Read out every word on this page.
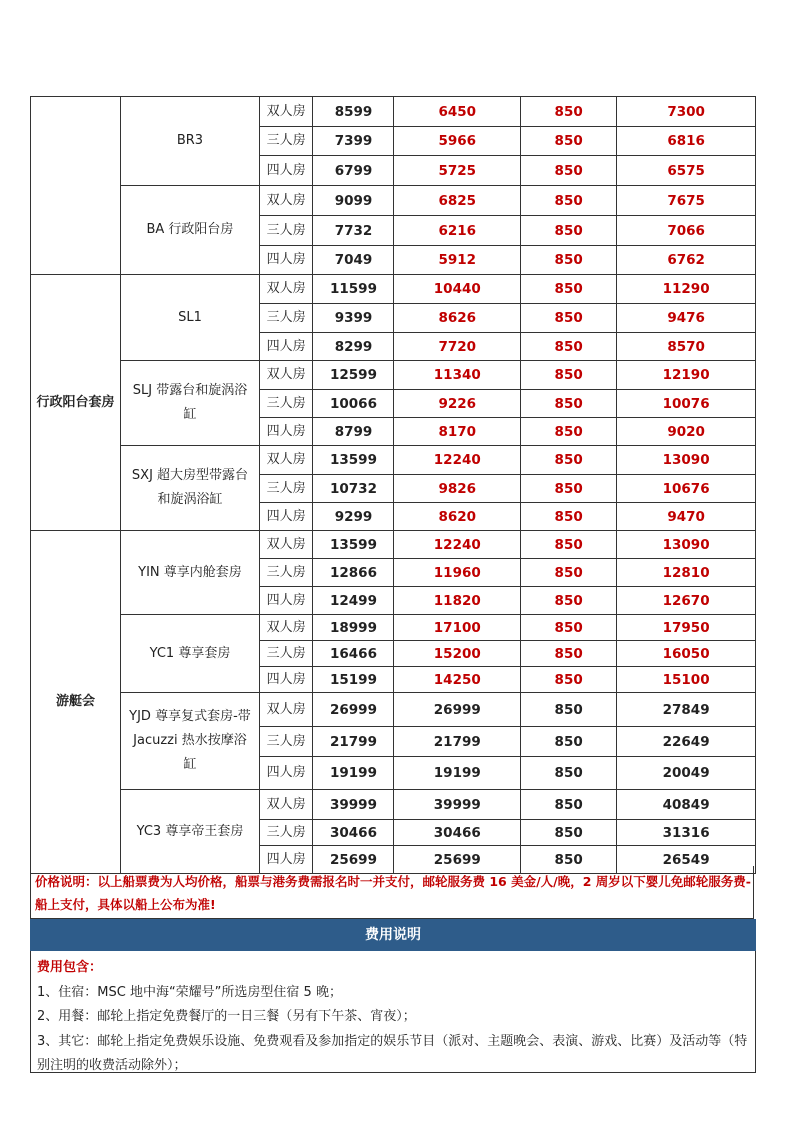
	BR3	双人房	8599	6450	850	7300
		三人房	7399	5966	850	6816
		四人房	6799	5725	850	6575
	BA 行政阳台房	双人房	9099	6825	850	7675
		三人房	7732	6216	850	7066
		四人房	7049	5912	850	6762
行政阳台套房	SL1	双人房	11599	10440	850	11290
		三人房	9399	8626	850	9476
		四人房	8299	7720	850	8570
	SLJ 带露台和旋涡浴缸	双人房	12599	11340	850	12190
		三人房	10066	9226	850	10076
		四人房	8799	8170	850	9020
	SXJ 超大房型带露台和旋涡浴缸	双人房	13599	12240	850	13090
		三人房	10732	9826	850	10676
		四人房	9299	8620	850	9470
游艇会	YIN 尊享内舱套房	双人房	13599	12240	850	13090
		三人房	12866	11960	850	12810
		四人房	12499	11820	850	12670
	YC1 尊享套房	双人房	18999	17100	850	17950
		三人房	16466	15200	850	16050
		四人房	15199	14250	850	15100
	YJD 尊享复式套房-带 Jacuzzi 热水按摩浴缸	双人房	26999	26999	850	27849
		三人房	21799	21799	850	22649
		四人房	19199	19199	850	20049
	YC3 尊享帝王套房	双人房	39999	39999	850	40849
		三人房	30466	30466	850	31316
		四人房	25699	25699	850	26549
价格说明：以上船票费为人均价格，船票与港务费需报名时一并支付，邮轮服务费 16 美金/人/晚，2 周岁以下婴儿免邮轮服务费-船上支付，具体以船上公布为准!
费用说明
费用包含：
1、住宿：MSC 地中海“荣耀号”所选房型住宿 5 晚；
2、用餐：邮轮上指定免费餐厅的一日三餐（另有下午茶、宵夜）；
3、其它：邮轮上指定免费娱乐设施、免费观看及参加指定的娱乐节目（派对、主题晚会、表演、游戏、比赛）及活动等（特别注明的收费活动除外）；
